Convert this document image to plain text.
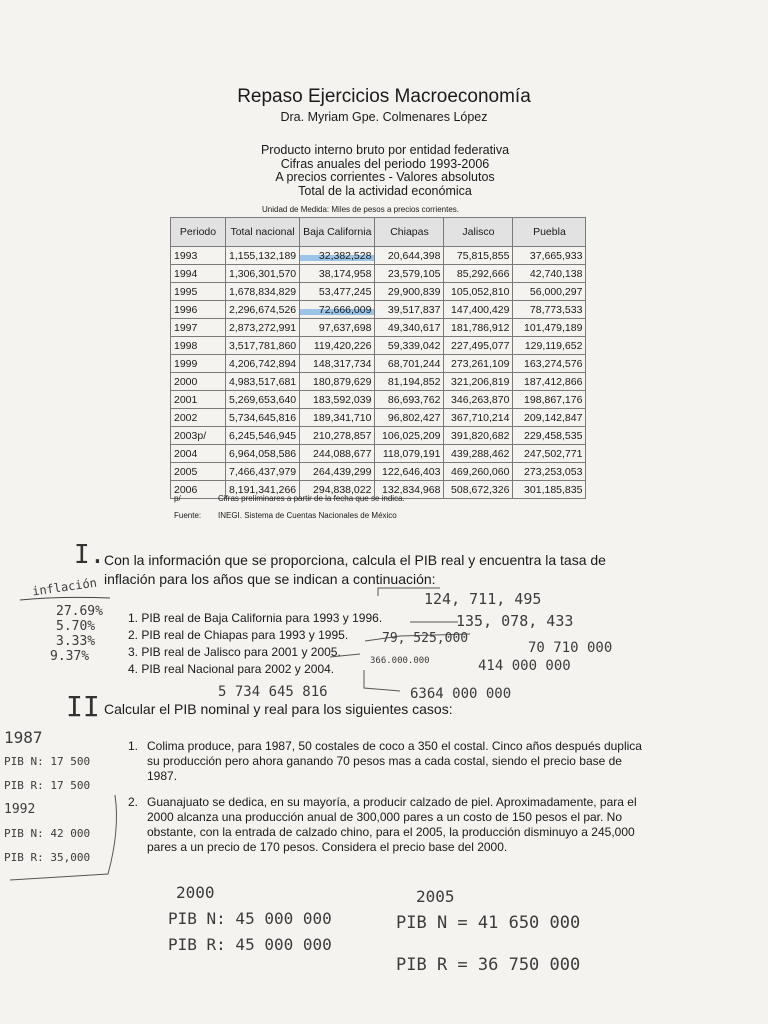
Repaso Ejercicios Macroeconomía
Dra. Myriam Gpe. Colmenares López
Producto interno bruto por entidad federativa
Cifras anuales del periodo 1993-2006
A precios corrientes - Valores absolutos
Total de la actividad económica
Unidad de Medida: Miles de pesos a precios corrientes.
Periodo	Total nacional	Baja California	Chiapas	Jalisco	Puebla
1993	1,155,132,189	32,382,528	20,644,398	75,815,855	37,665,933
1994	1,306,301,570	38,174,958	23,579,105	85,292,666	42,740,138
1995	1,678,834,829	53,477,245	29,900,839	105,052,810	56,000,297
1996	2,296,674,526	72,666,009	39,517,837	147,400,429	78,773,533
1997	2,873,272,991	97,637,698	49,340,617	181,786,912	101,479,189
1998	3,517,781,860	119,420,226	59,339,042	227,495,077	129,119,652
1999	4,206,742,894	148,317,734	68,701,244	273,261,109	163,274,576
2000	4,983,517,681	180,879,629	81,194,852	321,206,819	187,412,866
2001	5,269,653,640	183,592,039	86,693,762	346,263,870	198,867,176
2002	5,734,645,816	189,341,710	96,802,427	367,710,214	209,142,847
2003p/	6,245,546,945	210,278,857	106,025,209	391,820,682	229,458,535
2004	6,964,058,586	244,088,677	118,079,191	439,288,462	247,502,771
2005	7,466,437,979	264,439,299	122,646,403	469,260,060	273,253,053
2006	8,191,341,266	294,838,022	132,834,968	508,672,326	301,185,835
p/	Cifras preliminares a partir de la fecha que se indica.
Fuente: INEGI. Sistema de Cuentas Nacionales de México
I.
Con la información que se proporciona, calcula el PIB real y encuentra la tasa de
inflación para los años que se indican a continuación:
1. PIB real de Baja California para 1993 y 1996.
2. PIB real de Chiapas para 1993 y 1995.
3. PIB real de Jalisco para 2001 y 2005.
4. PIB real Nacional para 2002 y 2004.
II Calcular el PIB nominal y real para los siguientes casos:
1. Colima produce, para 1987, 50 costales de coco a 350 el costal. Cinco años después duplica
su producción pero ahora ganando 70 pesos mas a cada costal, siendo el precio base de
1987.
2. Guanajuato se dedica, en su mayoría, a producir calzado de piel. Aproximadamente, para el
2000 alcanza una producción anual de 300,000 pares a un costo de 150 pesos el par. No
obstante, con la entrada de calzado chino, para el 2005, la producción disminuyo a 245,000
pares a un precio de 170 pesos. Considera el precio base del 2000.
inflación
27.69%
5.70%
3.33%
9.37%
124, 711, 495
135, 078, 433
79, 525,000
70 710 000
366.000.000	414 000 000
5 734 645 816	6364 000 000
1987
PIB N: 17 500
PIB R: 17 500
1992
PIB N: 42 000
PIB R: 35,000
2000
PIB N: 45 000 000
PIB R: 45 000 000
2005
PIB N = 41 650 000
PIB R = 36 750 000
